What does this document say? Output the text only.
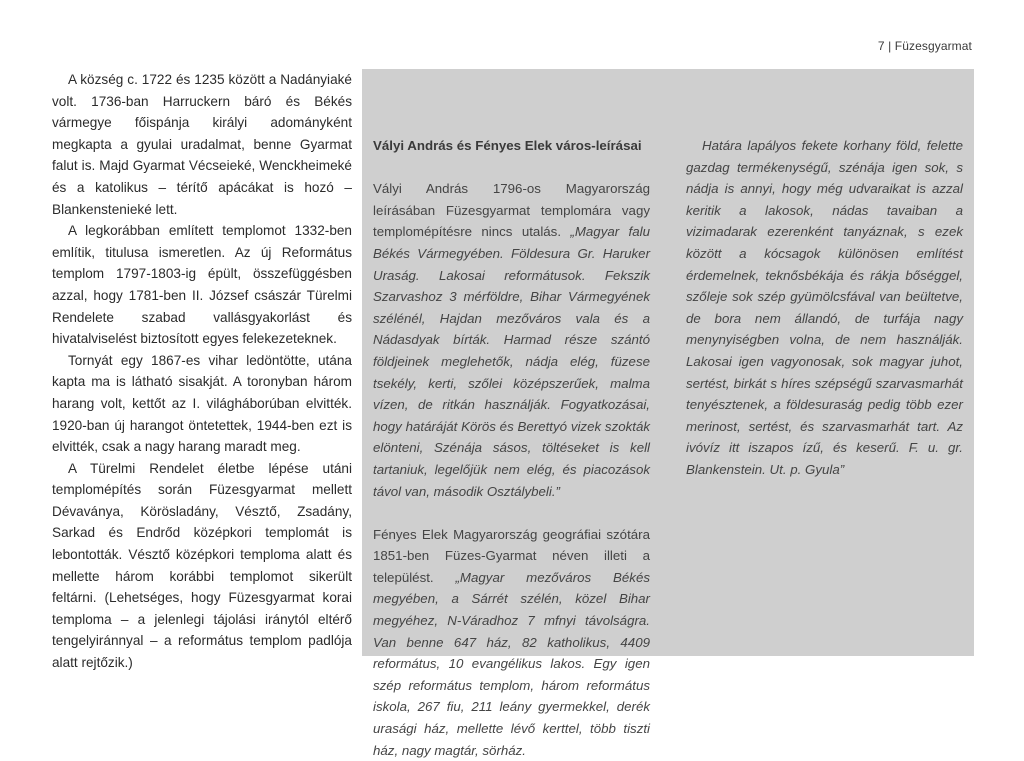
7 | Füzesgyarmat

A község c. 1722 és 1235 között a Nadányiaké volt. 1736-ban Harruckern báró és Békés vármegye főispánja királyi adományként megkapta a gyulai uradalmat, benne Gyarmat falut is. Majd Gyarmat Vécseieké, Wenckheimeké és a katolikus – térítő apácákat is hozó – Blankenstenieké lett.

A legkorábban említett templomot 1332-ben említik, titulusa ismeretlen. Az új Református templom 1797-1803-ig épült, összefüggésben azzal, hogy 1781-ben II. József császár Türelmi Rendelete szabad vallásgyakorlást és hivatalviselést biztosított egyes felekezeteknek.

Tornyát egy 1867-es vihar ledöntötte, utána kapta ma is látható sisakját. A toronyban három harang volt, kettőt az I. világháborúban elvitték. 1920-ban új harangot öntetettek, 1944-ben ezt is elvitték, csak a nagy harang maradt meg.

A Türelmi Rendelet életbe lépése utáni templomépítés során Füzesgyarmat mellett Dévaványa, Körösladány, Vésztő, Zsadány, Sarkad és Endrőd középkori templomát is lebontották. Vésztő középkori temploma alatt és mellette három korábbi templomot sikerült feltárni. (Lehetséges, hogy Füzesgyarmat korai temploma – a jelenlegi tájolási iránytól eltérő tengelyiránnyal – a református templom padlója alatt rejtőzik.)

Vályi András és Fényes Elek város-leírásai

Vályi András 1796-os Magyarország leírásában Füzesgyarmat templomára vagy templomépítésre nincs utalás. „Magyar falu Békés Vármegyében. Földesura Gr. Haruker Uraság. Lakosai reformátusok. Fekszik Szarvashoz 3 mérföldre, Bihar Vármegyének szélénél, Hajdan mezőváros vala és a Nádasdyak bírták. Harmad része szántó földjeinek meglehetők, nádja elég, füzese tsekély, kerti, szőlei középszerűek, malma vízen, de ritkán használják. Fogyatkozásai, hogy határáját Körös és Berettyó vizek szokták elönteni, Szénája sásos, töltéseket is kell tartaniuk, legelőjük nem elég, és piacozások távol van, második Osztálybeli.”

Fényes Elek Magyarország geográfiai szótára 1851-ben Füzes-Gyarmat néven illeti a települést. „Magyar mezőváros Békés megyében, a Sárrét szélén, közel Bihar megyéhez, N-Váradhoz 7 mfnyi távolságra. Van benne 647 ház, 82 katholikus, 4409 református, 10 evangélikus lakos. Egy igen szép református templom, három református iskola, 267 fiu, 211 leány gyermekkel, derék urasági ház, mellette lévő kerttel, több tiszti ház, nagy magtár, sörház.

Határa lapályos fekete korhany föld, felette gazdag termékenységű, szénája igen sok, s nádja is annyi, hogy még udvaraikat is azzal keritik a lakosok, nádas tavaiban a vizimadarak ezerenként tanyáznak, s ezek között a kócsagok különösen említést érdemelnek, teknősbékája és rákja bőséggel, szőleje sok szép gyümölcsfával van beültetve, de bora nem állandó, de turfája nagy menynyiségben volna, de nem használják. Lakosai igen vagyonosak, sok magyar juhot, sertést, birkát s híres szépségű szarvasmarhát tenyésztenek, a földesuraság pedig több ezer merinost, sertést, és szarvasmarhát tart. Az ivóvíz itt iszapos ízű, és keserű. F. u. gr. Blankenstein. Ut. p. Gyula”
